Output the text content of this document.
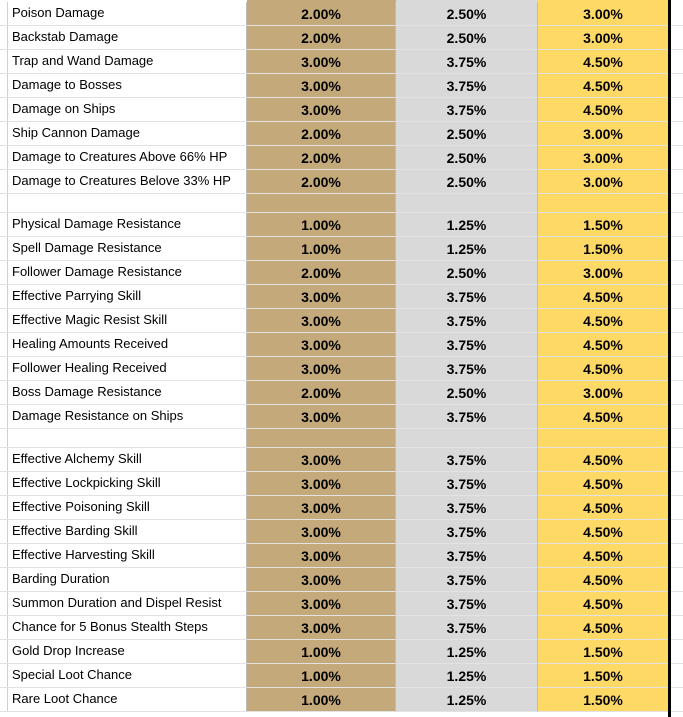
Poison Damage	2.00%	2.50%	3.00%
Backstab Damage	2.00%	2.50%	3.00%
Trap and Wand Damage	3.00%	3.75%	4.50%
Damage to Bosses	3.00%	3.75%	4.50%
Damage on Ships	3.00%	3.75%	4.50%
Ship Cannon Damage	2.00%	2.50%	3.00%
Damage to Creatures Above 66% HP	2.00%	2.50%	3.00%
Damage to Creatures Belove 33% HP	2.00%	2.50%	3.00%
Physical Damage Resistance	1.00%	1.25%	1.50%
Spell Damage Resistance	1.00%	1.25%	1.50%
Follower Damage Resistance	2.00%	2.50%	3.00%
Effective Parrying Skill	3.00%	3.75%	4.50%
Effective Magic Resist Skill	3.00%	3.75%	4.50%
Healing Amounts Received	3.00%	3.75%	4.50%
Follower Healing Received	3.00%	3.75%	4.50%
Boss Damage Resistance	2.00%	2.50%	3.00%
Damage Resistance on Ships	3.00%	3.75%	4.50%
Effective Alchemy Skill	3.00%	3.75%	4.50%
Effective Lockpicking Skill	3.00%	3.75%	4.50%
Effective Poisoning Skill	3.00%	3.75%	4.50%
Effective Barding Skill	3.00%	3.75%	4.50%
Effective Harvesting Skill	3.00%	3.75%	4.50%
Barding Duration	3.00%	3.75%	4.50%
Summon Duration and Dispel Resist	3.00%	3.75%	4.50%
Chance for 5 Bonus Stealth Steps	3.00%	3.75%	4.50%
Gold Drop Increase	1.00%	1.25%	1.50%
Special Loot Chance	1.00%	1.25%	1.50%
Rare Loot Chance	1.00%	1.25%	1.50%
